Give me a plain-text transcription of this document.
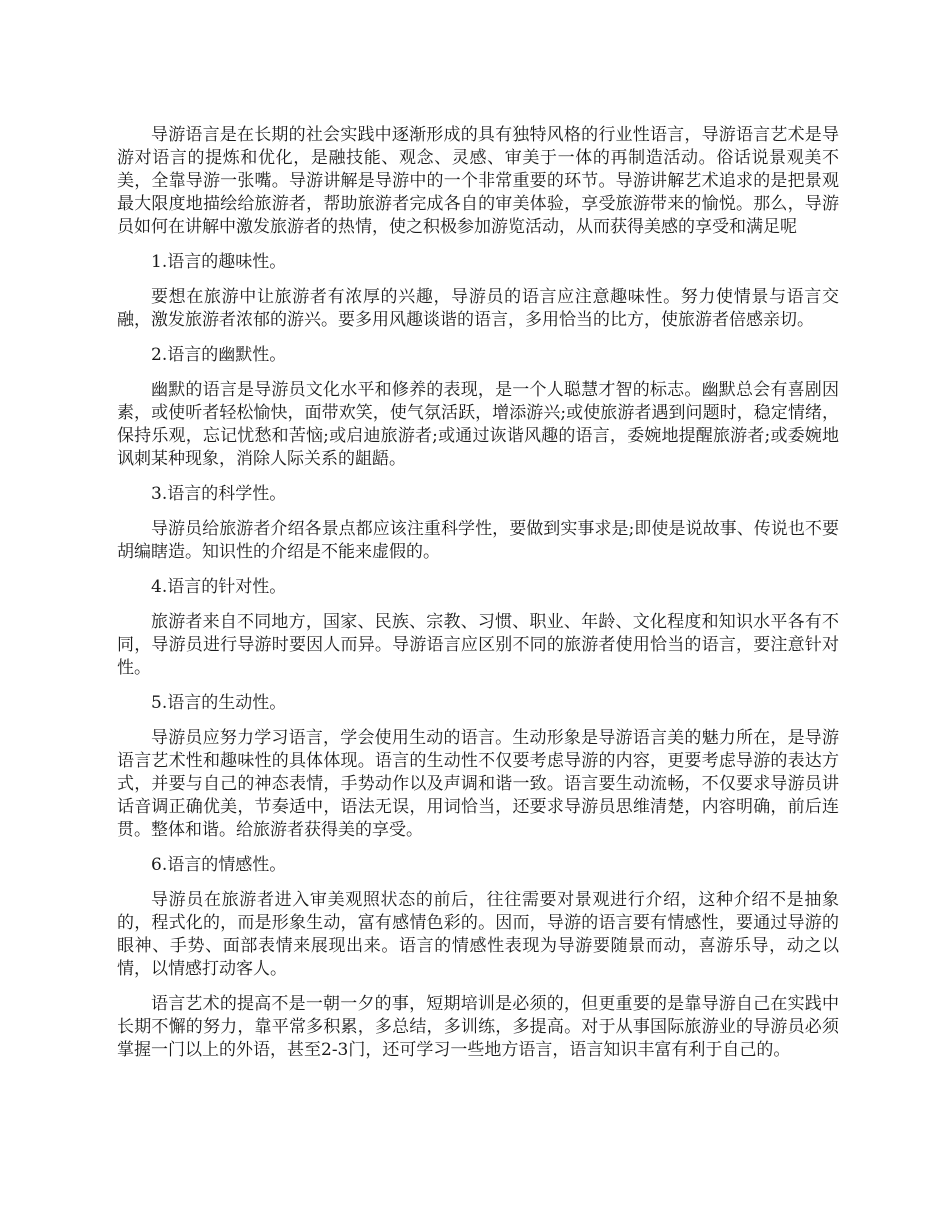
导游语言是在长期的社会实践中逐渐形成的具有独特风格的行业性语言，导游语言艺术是导游对语言的提炼和优化，是融技能、观念、灵感、审美于一体的再制造活动。俗话说景观美不美，全靠导游一张嘴。导游讲解是导游中的一个非常重要的环节。导游讲解艺术追求的是把景观最大限度地描绘给旅游者，帮助旅游者完成各自的审美体验，享受旅游带来的愉悦。那么，导游员如何在讲解中激发旅游者的热情，使之积极参加游览活动，从而获得美感的享受和满足呢

1.语言的趣味性。

要想在旅游中让旅游者有浓厚的兴趣，导游员的语言应注意趣味性。努力使情景与语言交融，激发旅游者浓郁的游兴。要多用风趣谈谐的语言，多用恰当的比方，使旅游者倍感亲切。

2.语言的幽默性。

幽默的语言是导游员文化水平和修养的表现，是一个人聪慧才智的标志。幽默总会有喜剧因素，或使听者轻松愉快，面带欢笑，使气氛活跃，增添游兴;或使旅游者遇到问题时，稳定情绪，保持乐观，忘记忧愁和苦恼;或启迪旅游者;或通过诙谐风趣的语言，委婉地提醒旅游者;或委婉地讽刺某种现象，消除人际关系的龃龉。

3.语言的科学性。

导游员给旅游者介绍各景点都应该注重科学性，要做到实事求是;即使是说故事、传说也不要胡编瞎造。知识性的介绍是不能来虚假的。

4.语言的针对性。

旅游者来自不同地方，国家、民族、宗教、习惯、职业、年龄、文化程度和知识水平各有不同，导游员进行导游时要因人而异。导游语言应区别不同的旅游者使用恰当的语言，要注意针对性。

5.语言的生动性。

导游员应努力学习语言，学会使用生动的语言。生动形象是导游语言美的魅力所在，是导游语言艺术性和趣味性的具体体现。语言的生动性不仅要考虑导游的内容，更要考虑导游的表达方式，并要与自己的神态表情，手势动作以及声调和谐一致。语言要生动流畅，不仅要求导游员讲话音调正确优美，节奏适中，语法无误，用词恰当，还要求导游员思维清楚，内容明确，前后连贯。整体和谐。给旅游者获得美的享受。

6.语言的情感性。

导游员在旅游者进入审美观照状态的前后，往往需要对景观进行介绍，这种介绍不是抽象的，程式化的，而是形象生动，富有感情色彩的。因而，导游的语言要有情感性，要通过导游的眼神、手势、面部表情来展现出来。语言的情感性表现为导游要随景而动，喜游乐导，动之以情，以情感打动客人。

语言艺术的提高不是一朝一夕的事，短期培训是必须的，但更重要的是靠导游自己在实践中长期不懈的努力，靠平常多积累，多总结，多训练，多提高。对于从事国际旅游业的导游员必须掌握一门以上的外语，甚至2-3门，还可学习一些地方语言，语言知识丰富有利于自己的。
